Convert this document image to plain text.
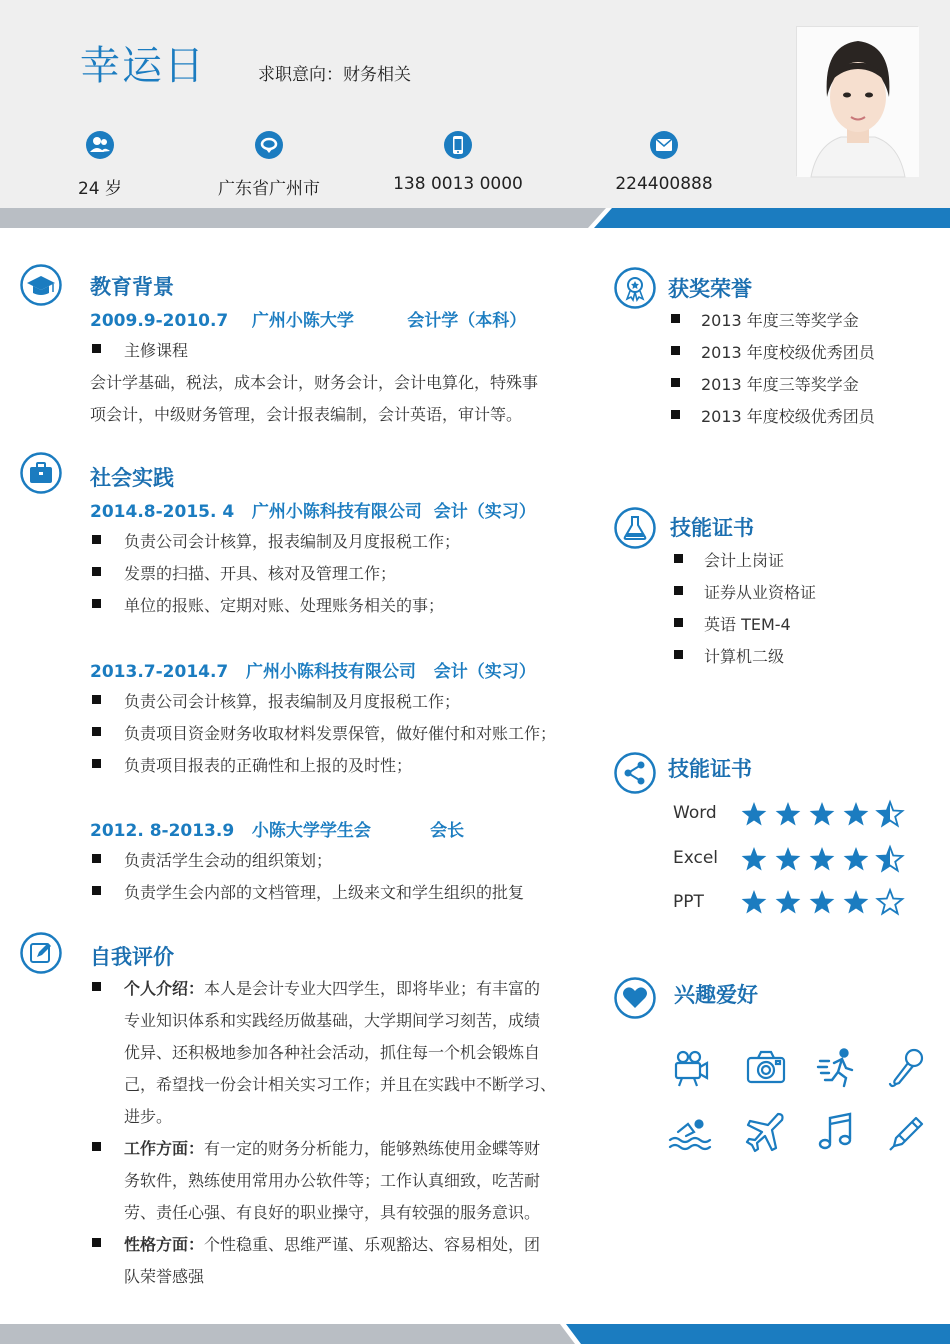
幸运日	求职意向：财务相关
24 岁	广东省广州市	138 0013 0000	224400888
教育背景
2009.9-2010.7    广州小陈大学         会计学（本科）
主修课程
会计学基础，税法，成本会计，财务会计，会计电算化，特殊事
项会计，中级财务管理，会计报表编制，会计英语，审计等。
社会实践
2014.8-2015. 4   广州小陈科技有限公司  会计（实习）
负责公司会计核算，报表编制及月度报税工作；
发票的扫描、开具、核对及管理工作；
单位的报账、定期对账、处理账务相关的事；
2013.7-2014.7   广州小陈科技有限公司   会计（实习）
负责公司会计核算，报表编制及月度报税工作；
负责项目资金财务收取材料发票保管，做好催付和对账工作；
负责项目报表的正确性和上报的及时性；
2012. 8-2013.9   小陈大学学生会          会长
负责活学生会动的组织策划；
负责学生会内部的文档管理，上级来文和学生组织的批复
自我评价
个人介绍：本人是会计专业大四学生，即将毕业；有丰富的
专业知识体系和实践经历做基础，大学期间学习刻苦，成绩
优异、还积极地参加各种社会活动，抓住每一个机会锻炼自
己，希望找一份会计相关实习工作；并且在实践中不断学习、
进步。
工作方面：有一定的财务分析能力，能够熟练使用金蝶等财
务软件，熟练使用常用办公软件等；工作认真细致，吃苦耐
劳、责任心强、有良好的职业操守，具有较强的服务意识。
性格方面：个性稳重、思维严谨、乐观豁达、容易相处，团
队荣誉感强
获奖荣誉
2013 年度三等奖学金
2013 年度校级优秀团员
2013 年度三等奖学金
2013 年度校级优秀团员
技能证书
会计上岗证
证券从业资格证
英语 TEM-4
计算机二级
技能证书
Word
Excel
PPT
兴趣爱好
